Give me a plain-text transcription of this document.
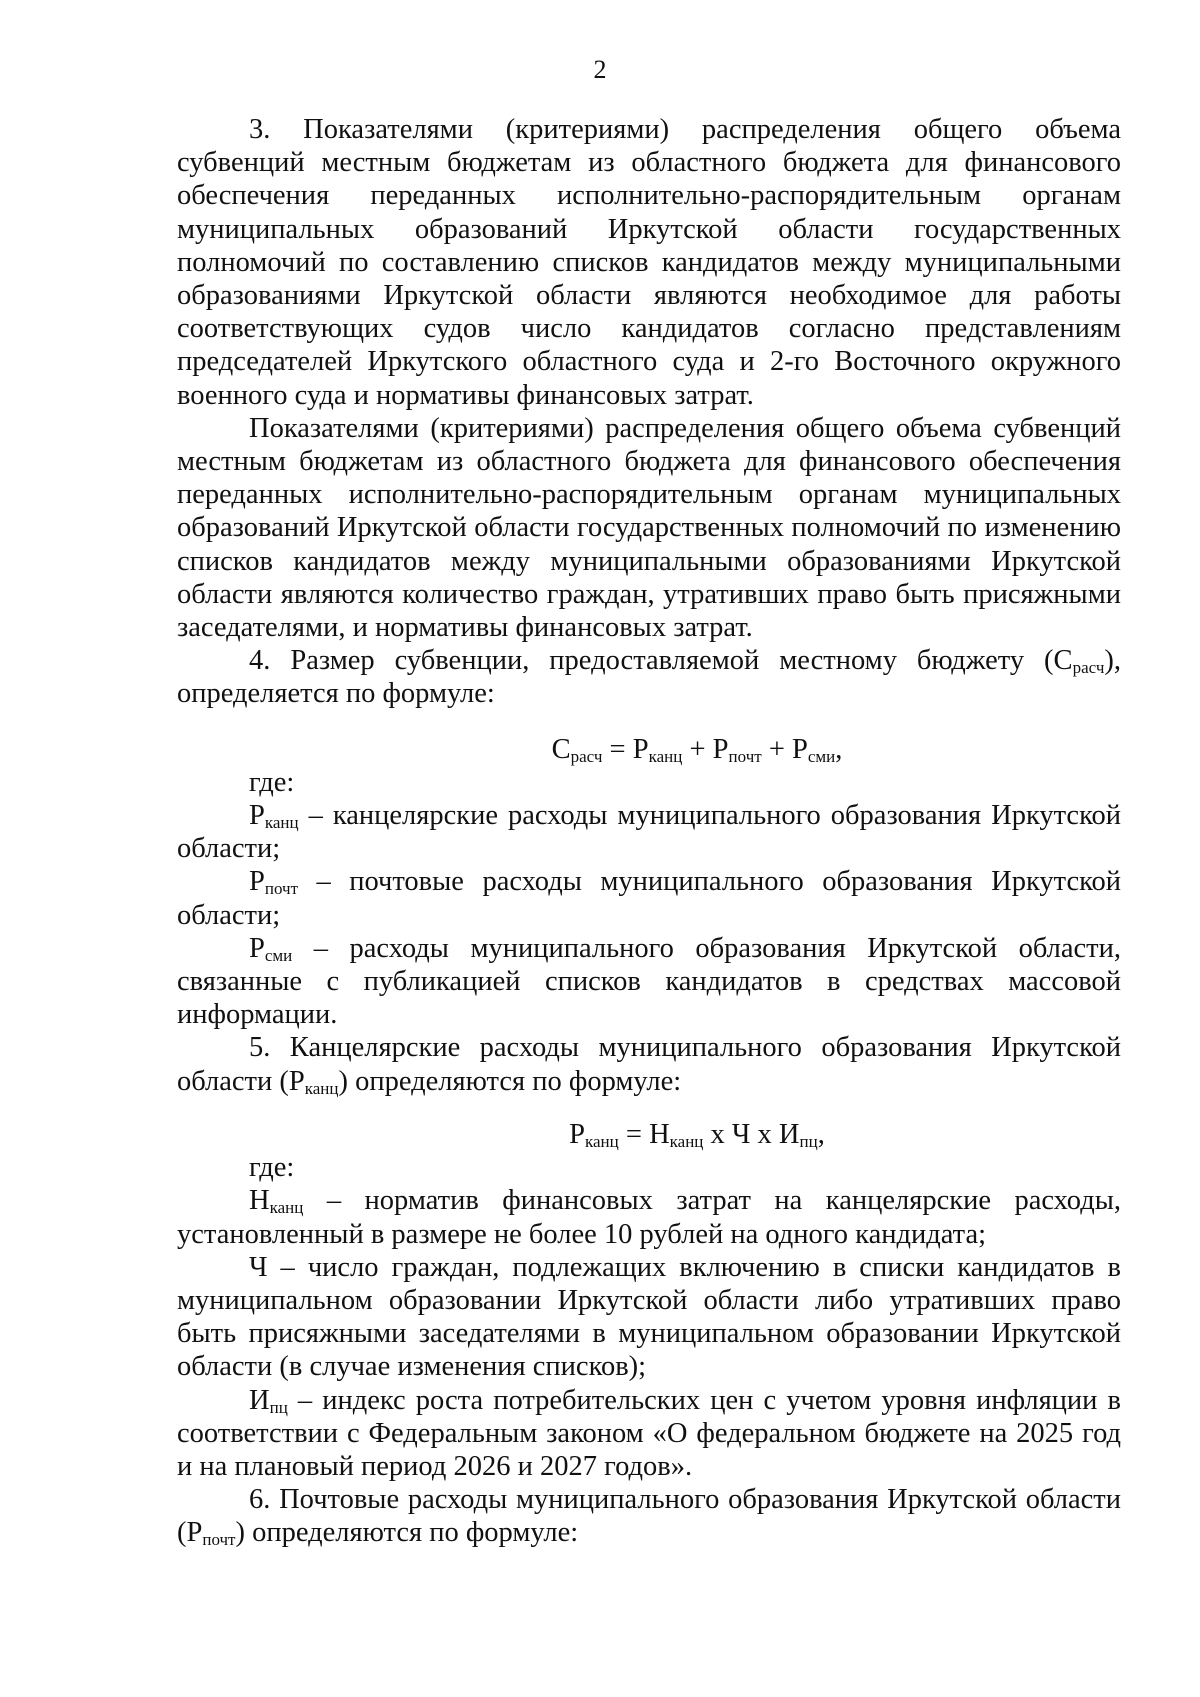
2

3. Показателями (критериями) распределения общего объема субвенций местным бюджетам из областного бюджета для финансового обеспечения переданных исполнительно-распорядительным органам муниципальных образований Иркутской области государственных полномочий по составлению списков кандидатов между муниципальными образованиями Иркутской области являются необходимое для работы соответствующих судов число кандидатов согласно представлениям председателей Иркутского областного суда и 2-го Восточного окружного военного суда и нормативы финансовых затрат.

Показателями (критериями) распределения общего объема субвенций местным бюджетам из областного бюджета для финансового обеспечения переданных исполнительно-распорядительным органам муниципальных образований Иркутской области государственных полномочий по изменению списков кандидатов между муниципальными образованиями Иркутской области являются количество граждан, утративших право быть присяжными заседателями, и нормативы финансовых затрат.

4. Размер субвенции, предоставляемой местному бюджету $(С_{расч})$, определяется по формуле:

$С_{расч} = Р_{канц} + Р_{почт} + Р_{сми}$,

где:

$Р_{канц}$ – канцелярские расходы муниципального образования Иркутской области;

$Р_{почт}$ – почтовые расходы муниципального образования Иркутской области;

$Р_{сми}$ – расходы муниципального образования Иркутской области, связанные с публикацией списков кандидатов в средствах массовой информации.

5. Канцелярские расходы муниципального образования Иркутской области $(Р_{канц})$ определяются по формуле:

$Р_{канц} = Н_{канц}$ х Ч х $И_{пц}$,

где:

$Н_{канц}$ – норматив финансовых затрат на канцелярские расходы, установленный в размере не более 10 рублей на одного кандидата;

Ч – число граждан, подлежащих включению в списки кандидатов в муниципальном образовании Иркутской области либо утративших право быть присяжными заседателями в муниципальном образовании Иркутской области (в случае изменения списков);

$И_{пц}$ – индекс роста потребительских цен с учетом уровня инфляции в соответствии с Федеральным законом «О федеральном бюджете на 2025 год и на плановый период 2026 и 2027 годов».

6. Почтовые расходы муниципального образования Иркутской области $(Р_{почт})$ определяются по формуле:
